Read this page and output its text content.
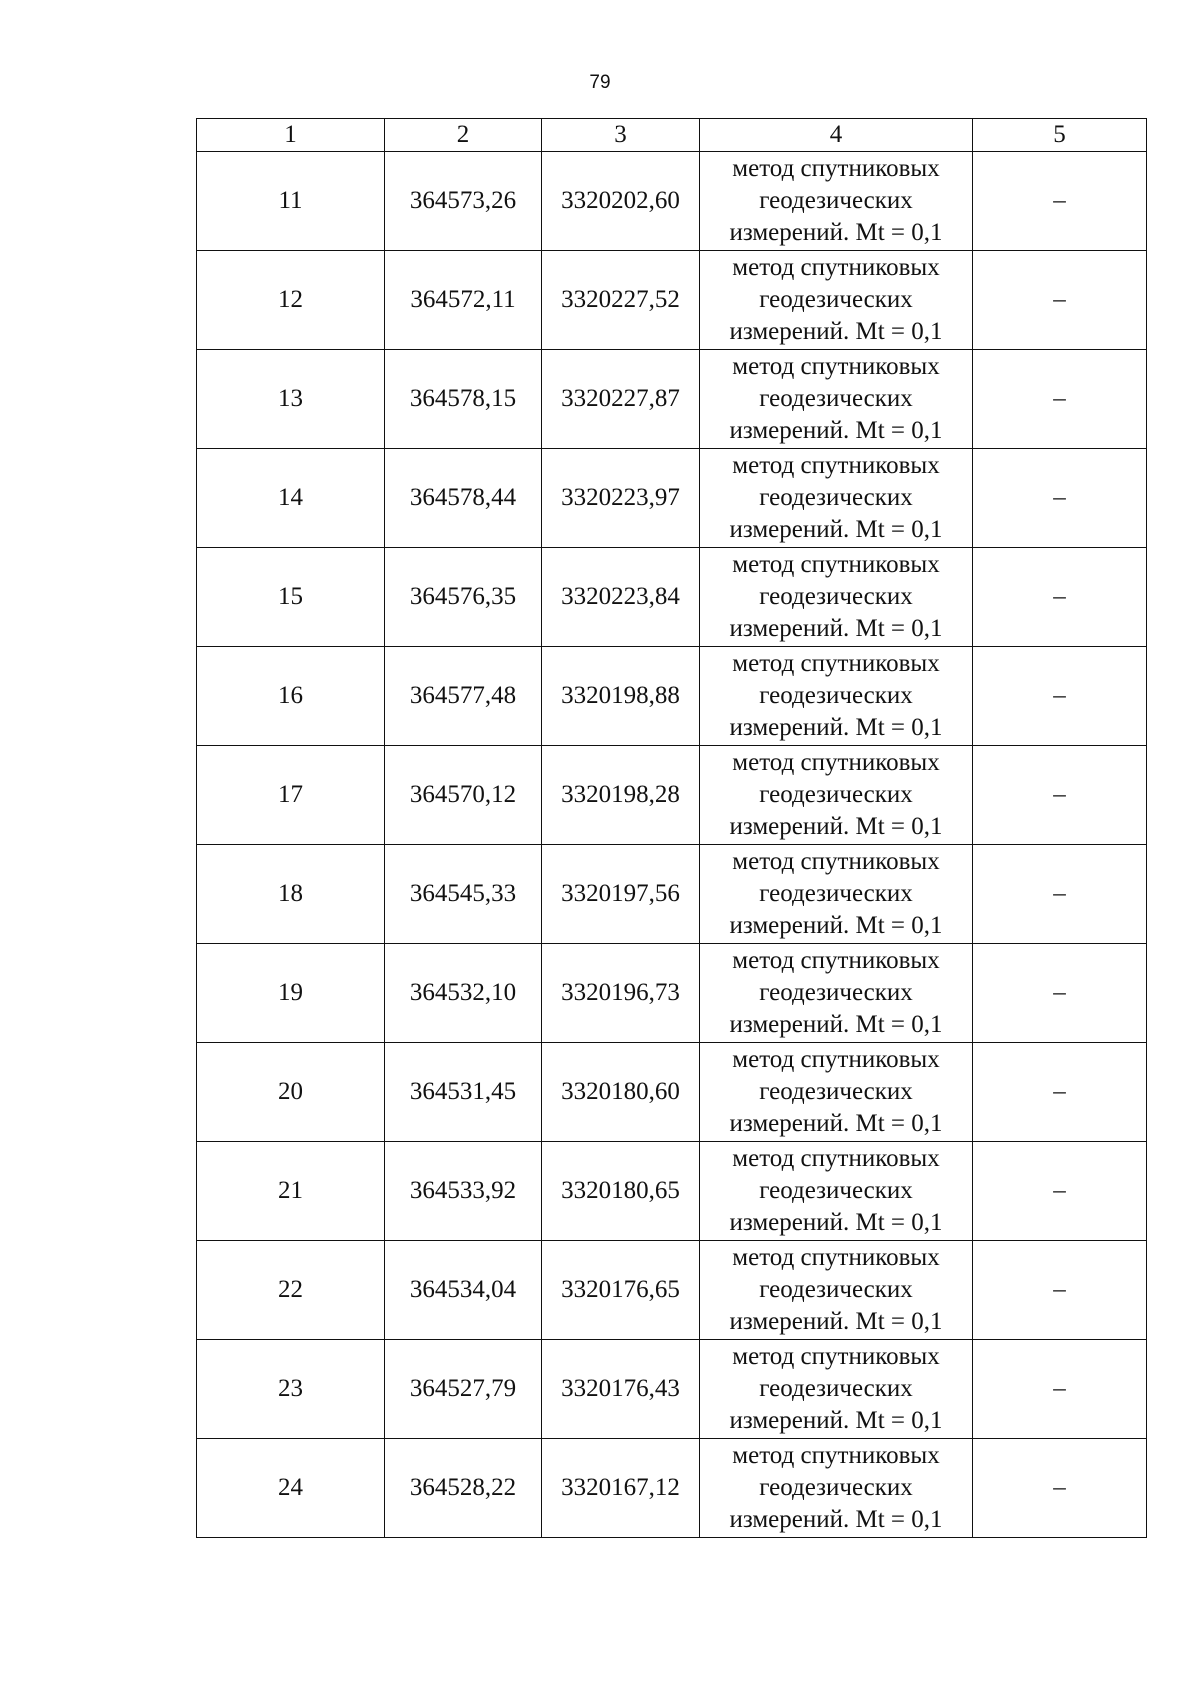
79
1	2	3	4	5
11	364573,26	3320202,60	метод спутниковых
геодезических
измерений. Mt = 0,1	–
12	364572,11	3320227,52	метод спутниковых
геодезических
измерений. Mt = 0,1	–
13	364578,15	3320227,87	метод спутниковых
геодезических
измерений. Mt = 0,1	–
14	364578,44	3320223,97	метод спутниковых
геодезических
измерений. Mt = 0,1	–
15	364576,35	3320223,84	метод спутниковых
геодезических
измерений. Mt = 0,1	–
16	364577,48	3320198,88	метод спутниковых
геодезических
измерений. Mt = 0,1	–
17	364570,12	3320198,28	метод спутниковых
геодезических
измерений. Mt = 0,1	–
18	364545,33	3320197,56	метод спутниковых
геодезических
измерений. Mt = 0,1	–
19	364532,10	3320196,73	метод спутниковых
геодезических
измерений. Mt = 0,1	–
20	364531,45	3320180,60	метод спутниковых
геодезических
измерений. Mt = 0,1	–
21	364533,92	3320180,65	метод спутниковых
геодезических
измерений. Mt = 0,1	–
22	364534,04	3320176,65	метод спутниковых
геодезических
измерений. Mt = 0,1	–
23	364527,79	3320176,43	метод спутниковых
геодезических
измерений. Mt = 0,1	–
24	364528,22	3320167,12	метод спутниковых
геодезических
измерений. Mt = 0,1	–
